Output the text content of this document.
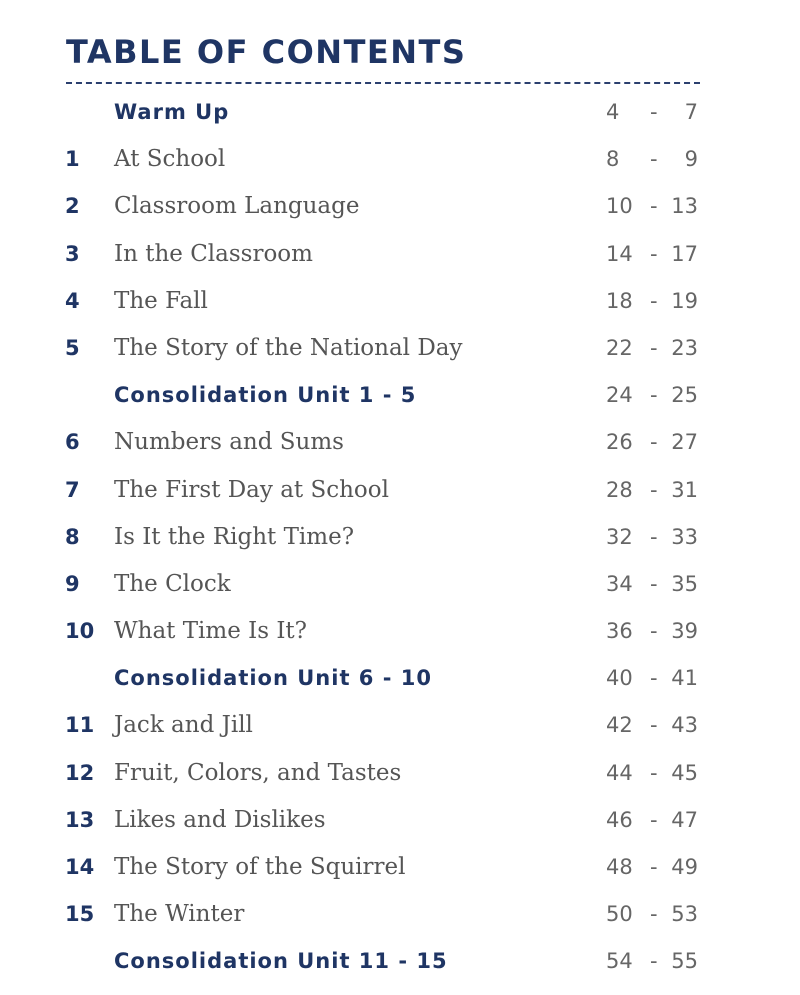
TABLE OF CONTENTS
Warm Up	4 - 7
1 At School	8 - 9
2 Classroom Language	10 - 13
3 In the Classroom	14 - 17
4 The Fall	18 - 19
5 The Story of the National Day	22 - 23
Consolidation Unit 1 - 5	24 - 25
6 Numbers and Sums	26 - 27
7 The First Day at School	28 - 31
8 Is It the Right Time?	32 - 33
9 The Clock	34 - 35
10 What Time Is It?	36 - 39
Consolidation Unit 6 - 10	40 - 41
11 Jack and Jill	42 - 43
12 Fruit, Colors, and Tastes	44 - 45
13 Likes and Dislikes	46 - 47
14 The Story of the Squirrel	48 - 49
15 The Winter	50 - 53
Consolidation Unit 11 - 15	54 - 55
